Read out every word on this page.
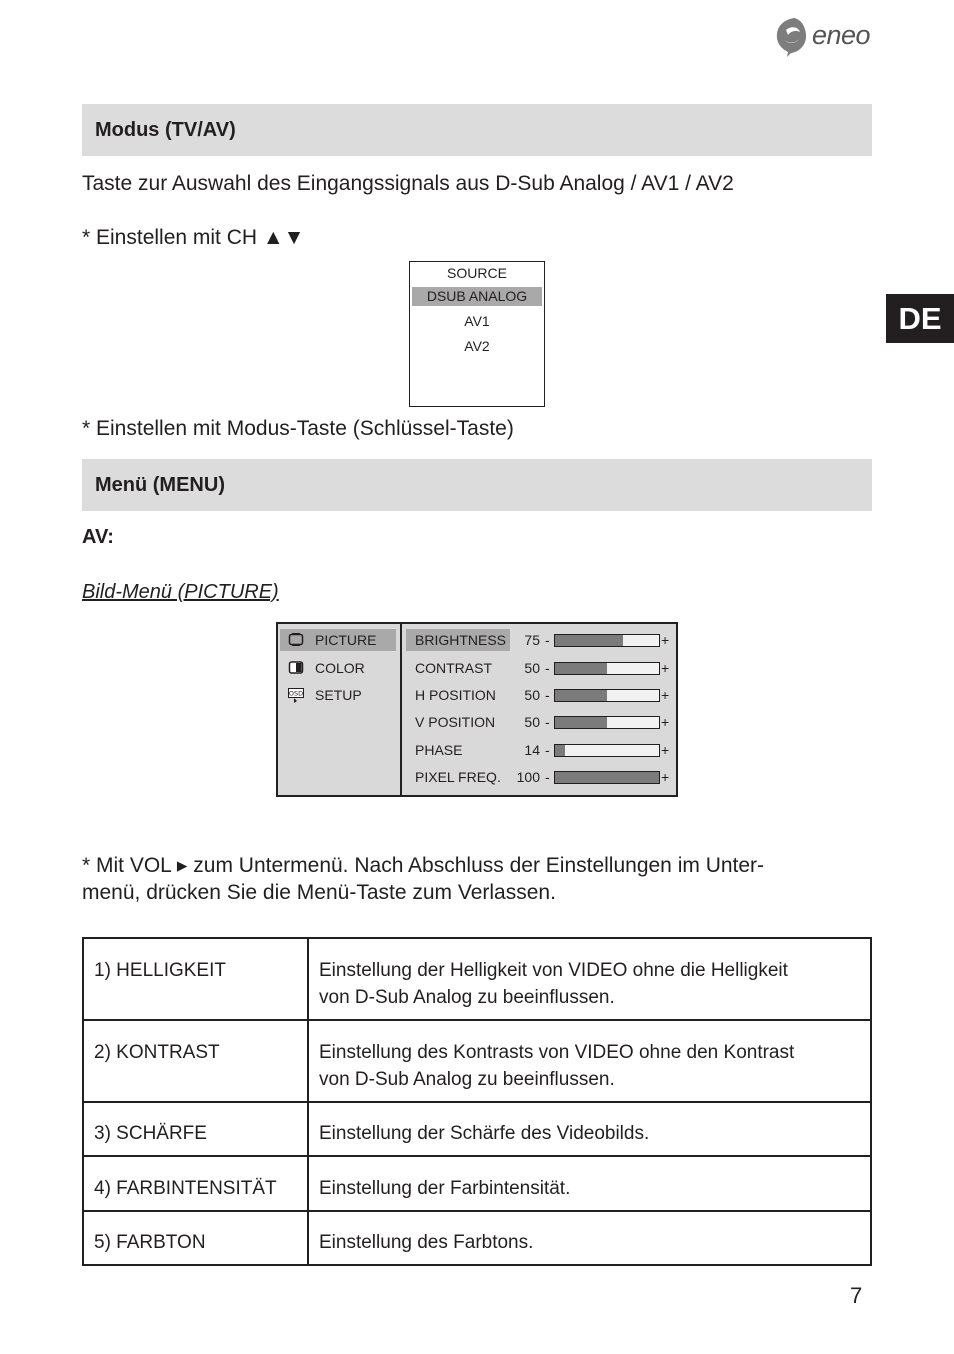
eneo
DE
Modus (TV/AV)
Taste zur Auswahl des Eingangssignals aus D-Sub Analog / AV1 / AV2
* Einstellen mit CH ▲▼
SOURCE
DSUB ANALOG
AV1
AV2
* Einstellen mit Modus-Taste (Schlüssel-Taste)
Menü (MENU)
AV:
Bild-Menü (PICTURE)
PICTURE
COLOR
OSD SETUP
BRIGHTNESS	75 -	+
CONTRAST	50 -	+
H POSITION	50 -	+
V POSITION	50 -	+
PHASE	14 -	+
PIXEL FREQ.	100 -	+
* Mit VOL ▸ zum Untermenü. Nach Abschluss der Einstellungen im Unter-
menü, drücken Sie die Menü-Taste zum Verlassen.
1) HELLIGKEIT	Einstellung der Helligkeit von VIDEO ohne die Helligkeit
von D-Sub Analog zu beeinflussen.

2) KONTRAST	Einstellung des Kontrasts von VIDEO ohne den Kontrast
von D-Sub Analog zu beeinflussen.

3) SCHÄRFE	Einstellung der Schärfe des Videobilds.
4) FARBINTENSITÄT	Einstellung der Farbintensität.
5) FARBTON	Einstellung des Farbtons.
7
